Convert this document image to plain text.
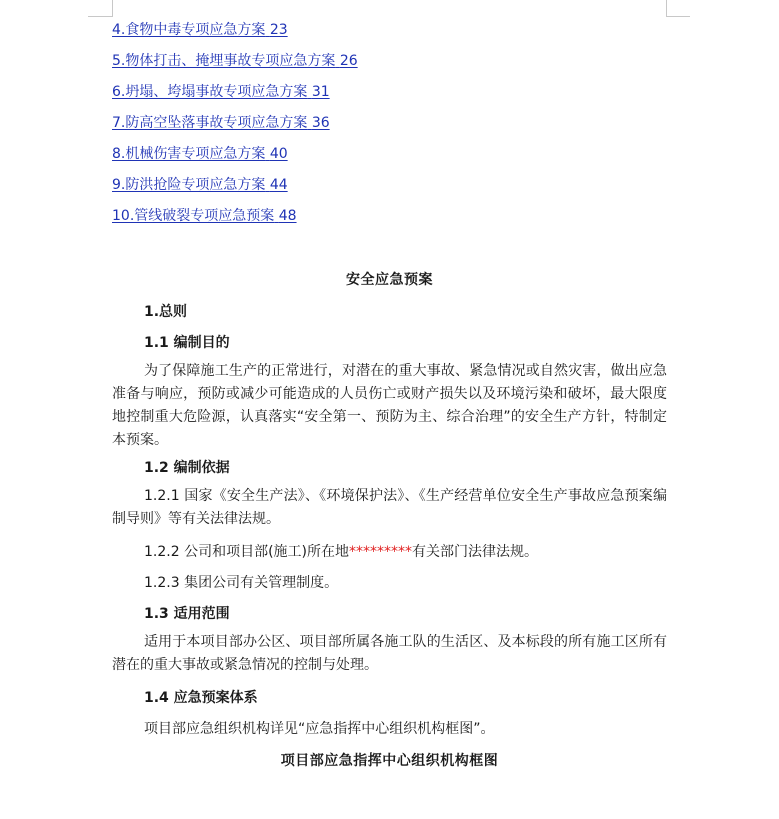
4.食物中毒专项应急方案 23
5.物体打击、掩埋事故专项应急方案 26
6.坍塌、垮塌事故专项应急方案 31
7.防高空坠落事故专项应急方案 36
8.机械伤害专项应急方案 40
9.防洪抢险专项应急方案 44
10.管线破裂专项应急预案 48
安全应急预案
1.总则
1.1 编制目的
为了保障施工生产的正常进行，对潜在的重大事故、紧急情况或自然灾害，做出应急准备与响应，预防或减少可能造成的人员伤亡或财产损失以及环境污染和破坏，最大限度地控制重大危险源，认真落实“安全第一、预防为主、综合治理”的安全生产方针，特制定本预案。
1.2 编制依据
1.2.1 国家《安全生产法》、《环境保护法》、《生产经营单位安全生产事故应急预案编制导则》等有关法律法规。
1.2.2 公司和项目部(施工)所在地*********有关部门法律法规。
1.2.3 集团公司有关管理制度。
1.3 适用范围
适用于本项目部办公区、项目部所属各施工队的生活区、及本标段的所有施工区所有潜在的重大事故或紧急情况的控制与处理。
1.4 应急预案体系
项目部应急组织机构详见“应急指挥中心组织机构框图”。
项目部应急指挥中心组织机构框图
